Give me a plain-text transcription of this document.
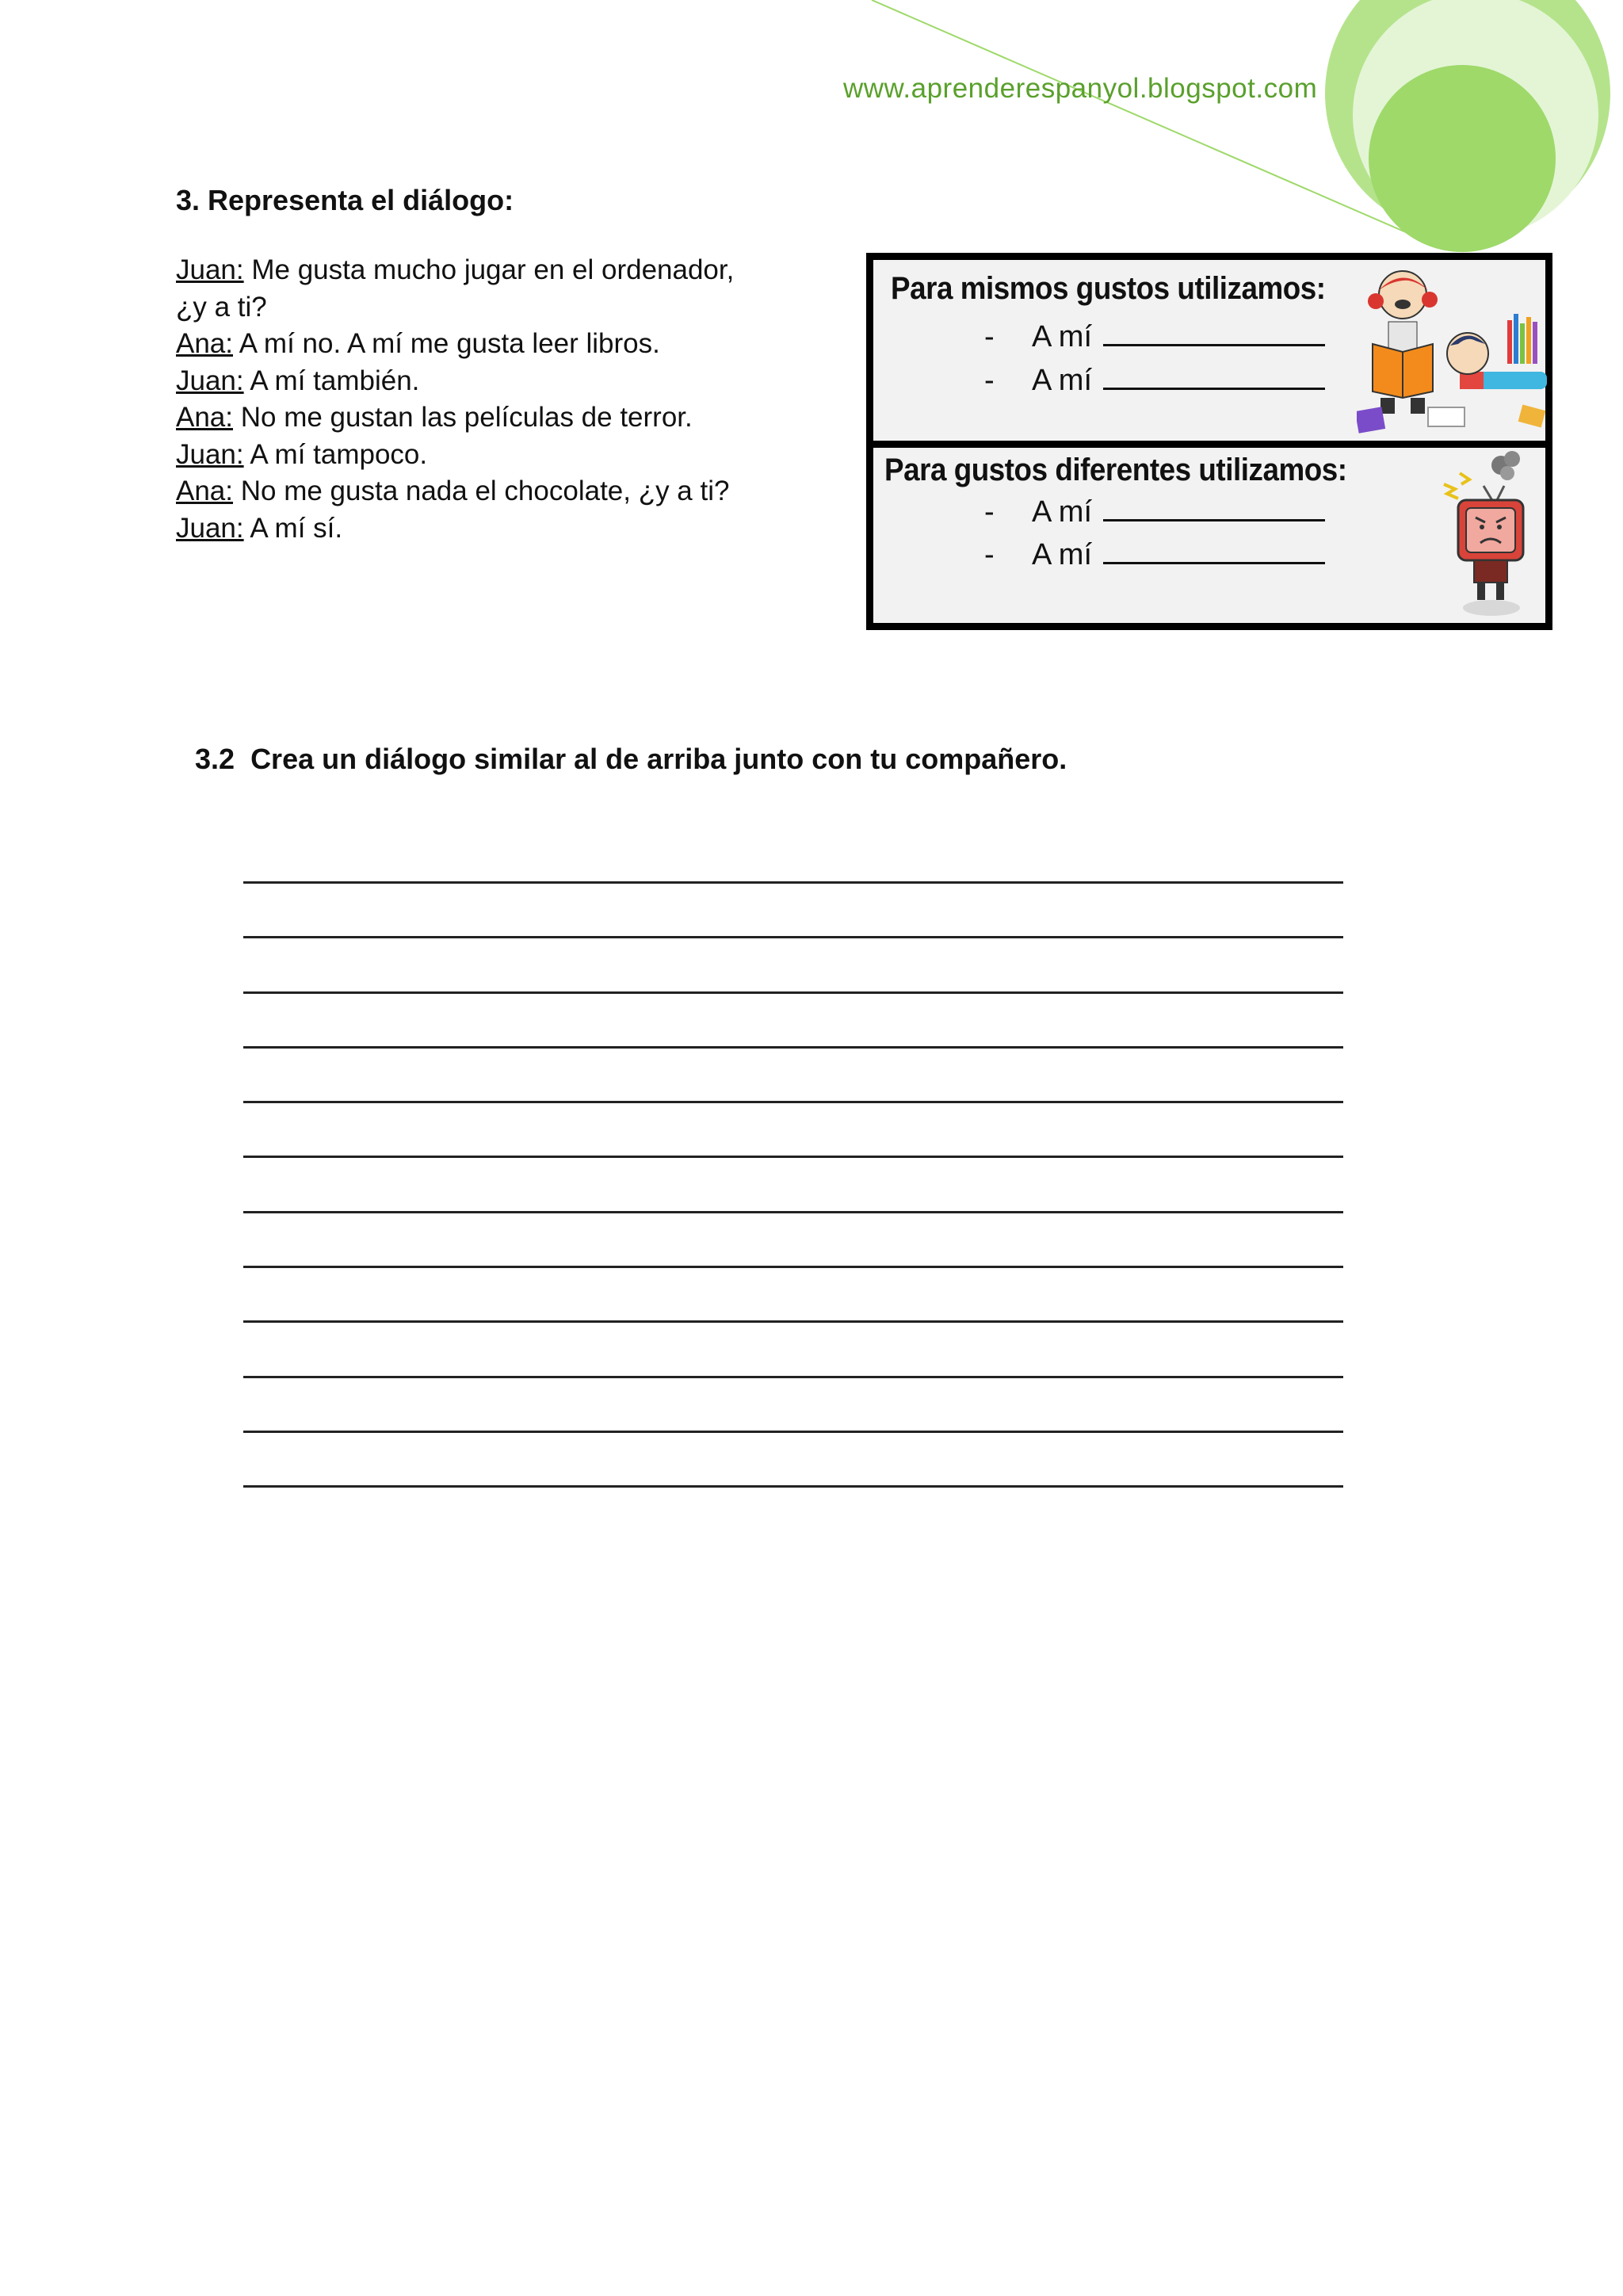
www.aprenderespanyol.blogspot.com
3. Representa el diálogo:
Juan: Me gusta mucho jugar en el ordenador,
¿y a ti?
Ana: A mí no. A mí me gusta leer libros.
Juan: A mí también.
Ana: No me gustan las películas de terror.
Juan: A mí tampoco.
Ana: No me gusta nada el chocolate, ¿y a ti?
Juan: A mí sí.
Para mismos gustos utilizamos:
- A mí
- A mí
Para gustos diferentes utilizamos:
- A mí
- A mí
3.2 Crea un diálogo similar al de arriba junto con tu compañero.
